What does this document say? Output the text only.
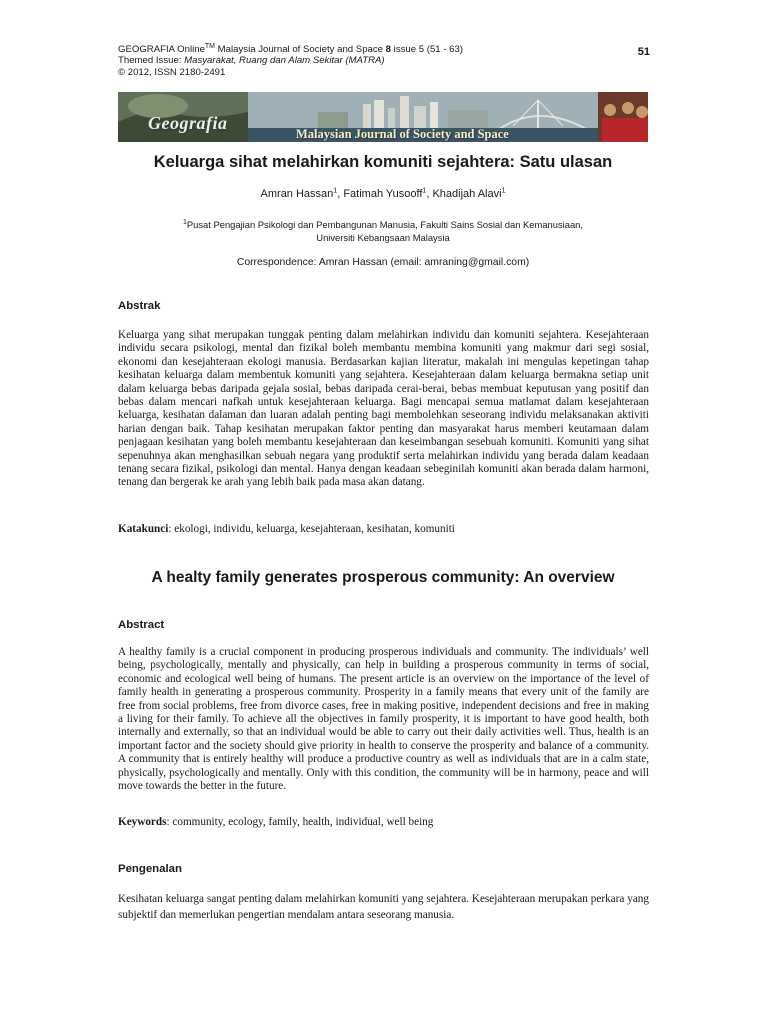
GEOGRAFIA Online™ Malaysia Journal of Society and Space 8 issue 5 (51 - 63)
Themed Issue: Masyarakat, Ruang dan Alam Sekitar (MATRA)
© 2012, ISSN 2180-2491
51
Geografia
Malaysian Journal of Society and Space
Keluarga sihat melahirkan komuniti sejahtera: Satu ulasan
Amran Hassan$^1$, Fatimah Yusooff$^1$, Khadijah Alavi$^1$
$^1$Pusat Pengajian Psikologi dan Pembangunan Manusia, Fakulti Sains Sosial dan Kemanusiaan,
Universiti Kebangsaan Malaysia
Correspondence: Amran Hassan (email: amraning@gmail.com)
Abstrak
Keluarga yang sihat merupakan tunggak penting dalam melahirkan individu dan komuniti sejahtera. Kesejahteraan individu secara psikologi, mental dan fizikal boleh membantu membina komuniti yang makmur dari segi sosial, ekonomi dan kesejahteraan ekologi manusia. Berdasarkan kajian literatur, makalah ini mengulas kepetingan tahap kesihatan keluarga dalam membentuk komuniti yang sejahtera. Kesejahteraan dalam keluarga bermakna setiap unit dalam keluarga bebas daripada gejala sosial, bebas daripada cerai-berai, bebas membuat keputusan yang positif dan bebas dalam mencari nafkah untuk kesejahteraan keluarga. Bagi mencapai semua matlamat dalam kesejahteraan keluarga, kesihatan dalaman dan luaran adalah penting bagi membolehkan seseorang individu melaksanakan aktiviti harian dengan baik. Tahap kesihatan merupakan faktor penting dan masyarakat harus memberi keutamaan dalam penjagaan kesihatan yang boleh membantu kesejahteraan dan keseimbangan sesebuah komuniti. Komuniti yang sihat sepenuhnya akan menghasilkan sebuah negara yang produktif serta melahirkan individu yang berada dalam keadaan tenang secara fizikal, psikologi dan mental. Hanya dengan keadaan sebeginilah komuniti akan berada dalam harmoni, tenang dan bergerak ke arah yang lebih baik pada masa akan datang.
Katakunci: ekologi, individu, keluarga, kesejahteraan, kesihatan, komuniti
A healty family generates prosperous community: An overview
Abstract
A healthy family is a crucial component in producing prosperous individuals and community. The individuals’ well being, psychologically, mentally and physically, can help in building a prosperous community in terms of social, economic and ecological well being of humans. The present article is an overview on the importance of the level of family health in generating a prosperous community. Prosperity in a family means that every unit of the family are free from social problems, free from divorce cases, free in making positive, independent decisions and free in making a living for their family. To achieve all the objectives in family prosperity, it is important to have good health, both internally and externally, so that an individual would be able to carry out their daily activities well. Thus, health is an important factor and the society should give priority in health to conserve the prosperity and balance of a community. A community that is entirely healthy will produce a productive country as well as individuals that are in a calm state, physically, psychologically and mentally. Only with this condition, the community will be in harmony, peace and will move towards the better in the future.
Keywords: community, ecology, family, health, individual, well being
Pengenalan
Kesihatan keluarga sangat penting dalam melahirkan komuniti yang sejahtera. Kesejahteraan merupakan perkara yang subjektif dan memerlukan pengertian mendalam antara seseorang manusia.
